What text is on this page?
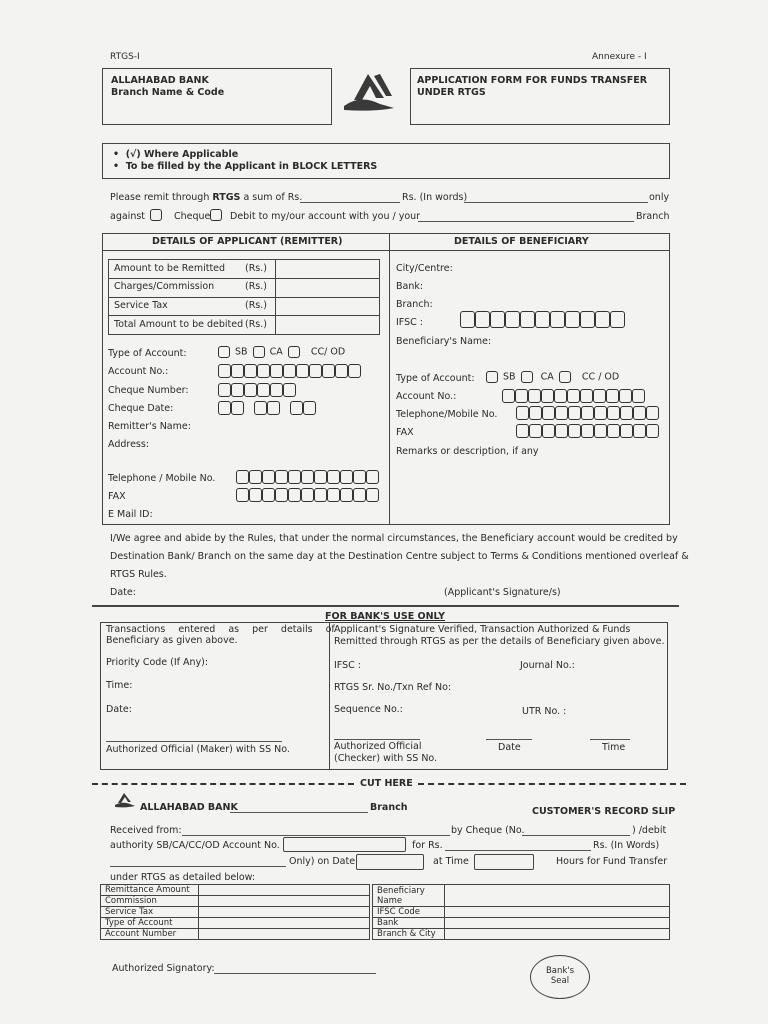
RTGS-I	Annexure - I
ALLAHABAD BANK
Branch Name & Code
APPLICATION FORM FOR FUNDS TRANSFER
UNDER RTGS
•  (√) Where Applicable
•  To be filled by the Applicant in BLOCK LETTERS
Please remit through RTGS a sum of Rs.	Rs. (In words)	only
against	Cheque Debit to my/our account with you / your	Branch
DETAILS OF APPLICANT (REMITTER)	DETAILS OF BENEFICIARY
Amount to be Remitted (Rs.)
Charges/Commission	(Rs.)
Service Tax	(Rs.)
Total Amount to be debited (Rs.)
Type of Account:	SB CA	CC/ OD
Account No.:
Cheque Number:
Cheque Date:
Remitter's Name:
Address:
Telephone / Mobile No.
FAX
E Mail ID:
City/Centre:
Bank:
Branch:
IFSC :
Beneficiary's Name:
Type of Account:	SB	CA	CC / OD
Account No.:
Telephone/Mobile No.
FAX
Remarks or description, if any
I/We agree and abide by the Rules, that under the normal circumstances, the Beneficiary account would be credited by
Destination Bank/ Branch on the same day at the Destination Centre subject to Terms & Conditions mentioned overleaf &
RTGS Rules.
Date:	(Applicant's Signature/s)
FOR BANK'S USE ONLY
Transactions entered as per details of
Beneficiary as given above.
Priority Code (If Any):
Time:
Date:
Authorized Official (Maker) with SS No.
Applicant's Signature Verified, Transaction Authorized & Funds
Remitted through RTGS as per the details of Beneficiary given above.
IFSC :	Journal No.:
RTGS Sr. No./Txn Ref No:
Sequence No.:	UTR No. :
Authorized Official
(Checker) with SS No.
Date	Time
CUT HERE
ALLAHABAD BANK	Branch	CUSTOMER'S RECORD SLIP
Received from:	by Cheque (No.	) /debit
authority SB/CA/CC/OD Account No.	for Rs.	Rs. (In Words)
Only) on Date	at Time	Hours for Fund Transfer
under RTGS as detailed below:
Remittance Amount	
Commission	
Service Tax	
Type of Account	
Account Number	
Beneficiary Name	

IFSC Code	
Bank	
Branch & City	
Authorized Signatory:	Bank's
Seal
